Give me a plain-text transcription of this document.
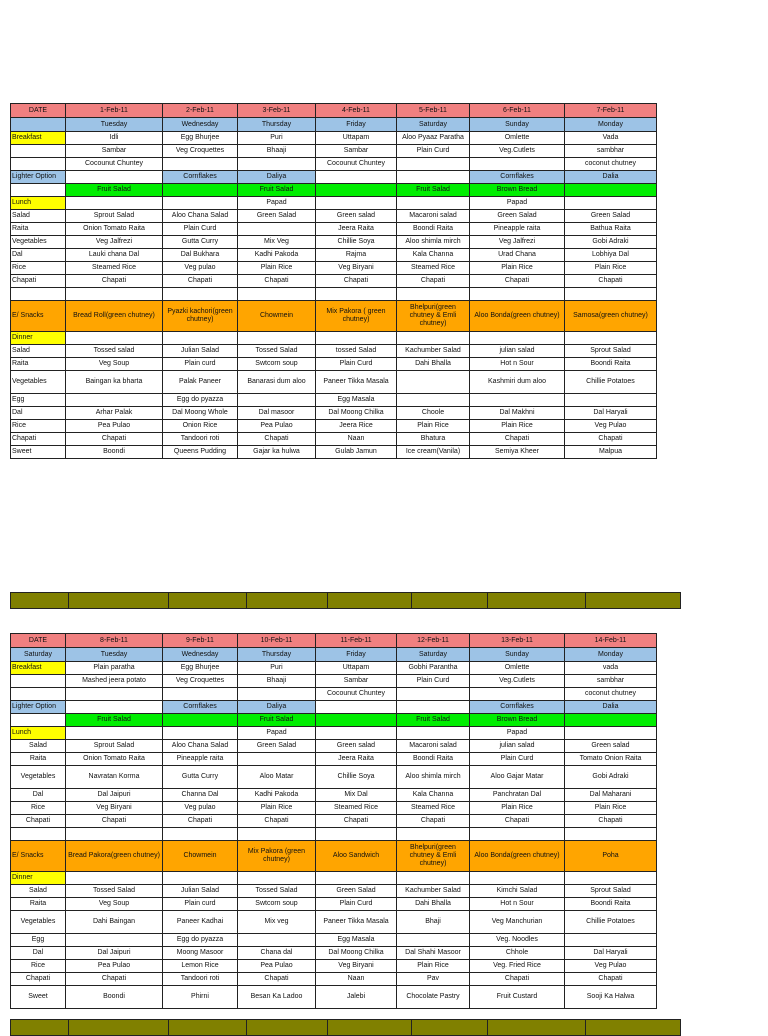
DATE	1-Feb-11	2-Feb-11	3-Feb-11	4-Feb-11	5-Feb-11	6-Feb-11	7-Feb-11
	Tuesday	Wednesday	Thursday	Friday	Saturday	Sunday	Monday
Breakfast	Idli	Egg Bhurjee	Puri	Uttapam	Aloo Pyaaz Paratha	Omlette	Vada
	Sambar	Veg Croquettes	Bhaaji	Sambar	Plain Curd	Veg.Cutlets	sambhar
	Cocounut Chuntey			Cocounut Chuntey			coconut chutney
Lighter Option		Cornflakes	Daliya			Cornflakes	Dalia
	Fruit Salad		Fruit Salad		Fruit Salad	Brown Bread	
Lunch			Papad			Papad	
Salad	Sprout Salad	Aloo Chana Salad	Green Salad	Green salad	Macaroni salad	Green Salad	Green Salad
Raita	Onion Tomato Raita	Plain Curd		Jeera Raita	Boondi Raita	Pineapple raita	Bathua Raita
Vegetables	Veg Jalfrezi	Gutta Curry	Mix Veg	Chillie Soya	Aloo shimla mirch	Veg Jalfrezi	Gobi Adraki
Dal	Lauki chana Dal	Dal Bukhara	Kadhi Pakoda	Rajma	Kala Channa	Urad Chana	Lobhiya Dal
Rice	Steamed Rice	Veg pulao	Plain Rice	Veg Biryani	Steamed Rice	Plain Rice	Plain Rice
Chapati	Chapati	Chapati	Chapati	Chapati	Chapati	Chapati	Chapati

E/ Snacks	Bread Roll(green chutney)	Pyazki kachori(green chutney)	Chowmein	Mix Pakora ( green chutney)	Bhelpuri(green chutney & Emli chutney)	Aloo Bonda(green chutney)	Samosa(green chutney)
Dinner							
Salad	Tossed salad	Julian Salad	Tossed Salad	tossed Salad	Kachumber Salad	julian salad	Sprout Salad
Raita	Veg Soup	Plain curd	Swtcorn soup	Plain Curd	Dahi Bhalla	Hot n Sour	Boondi Raita
Vegetables	Baingan ka bharta	Palak Paneer	Banarasi dum aloo	Paneer Tikka Masala		Kashmiri dum aloo	Chillie Potatoes
Egg		Egg do pyazza		Egg Masala			
Dal	Arhar Palak	Dal Moong Whole	Dal masoor	Dal Moong Chilka	Choole	Dal Makhni	Dal Haryali
Rice	Pea Pulao	Onion Rice	Pea Pulao	Jeera Rice	Plain Rice	Plain Rice	Veg Pulao
Chapati	Chapati	Tandoori roti	Chapati	Naan	Bhatura	Chapati	Chapati
Sweet	Boondi	Queens Pudding	Gajar ka hulwa	Gulab Jamun	Ice cream(Vanila)	Semiya Kheer	Malpua

DATE	8-Feb-11	9-Feb-11	10-Feb-11	11-Feb-11	12-Feb-11	13-Feb-11	14-Feb-11
Saturday	Tuesday	Wednesday	Thursday	Friday	Saturday	Sunday	Monday
Breakfast	Plain paratha	Egg Bhurjee	Puri	Uttapam	Gobhi Parantha	Omlette	vada
	Mashed jeera potato	Veg Croquettes	Bhaaji	Sambar	Plain Curd	Veg.Cutlets	sambhar
				Cocounut Chuntey			coconut chutney
Lighter Option		Cornflakes	Daliya			Cornflakes	Dalia
	Fruit Salad		Fruit Salad		Fruit Salad	Brown Bread	
Lunch			Papad			Papad	
Salad	Sprout Salad	Aloo Chana Salad	Green Salad	Green salad	Macaroni salad	julian salad	Green salad
Raita	Onion Tomato Raita	Pineapple raita		Jeera Raita	Boondi Raita	Plain Curd	Tomato Onion Raita
Vegetables	Navratan Korma	Gutta Curry	Aloo Matar	Chillie Soya	Aloo shimla mirch	Aloo Gajar Matar	Gobi Adraki
Dal	Dal Jaipuri	Channa Dal	Kadhi Pakoda	Mix Dal	Kala Channa	Panchratan Dal	Dal Maharani
Rice	Veg Biryani	Veg pulao	Plain Rice	Steamed Rice	Steamed Rice	Plain Rice	Plain Rice
Chapati	Chapati	Chapati	Chapati	Chapati	Chapati	Chapati	Chapati

E/ Snacks	Bread Pakora(green chutney)	Chowmein	Mix Pakora (green chutney)	Aloo Sandwich	Bhelpuri(green chutney & Emli chutney)	Aloo Bonda(green chutney)	Poha
Dinner							
Salad	Tossed Salad	Julian Salad	Tossed Salad	Green Salad	Kachumber Salad	Kimchi Salad	Sprout Salad
Raita	Veg Soup	Plain curd	Swtcorn soup	Plain Curd	Dahi Bhalla	Hot n Sour	Boondi Raita
Vegetables	Dahi Baingan	Paneer Kadhai	Mix veg	Paneer Tikka Masala	Bhaji	Veg Manchurian	Chillie Potatoes
Egg		Egg do pyazza		Egg Masala		Veg. Noodles	
Dal	Dal Jaipuri	Moong Masoor	Chana dal	Dal Moong Chilka	Dal Shahi Masoor	Chhole	Dal Haryali
Rice	Pea Pulao	Lemon Rice	Pea Pulao	Veg Biryani	Plain Rice	Veg. Fried Rice	Veg Pulao
Chapati	Chapati	Tandoori roti	Chapati	Naan	Pav	Chapati	Chapati
Sweet	Boondi	Phirni	Besan Ka Ladoo	Jalebi	Chocolate Pastry	Fruit Custard	Sooji Ka Halwa
